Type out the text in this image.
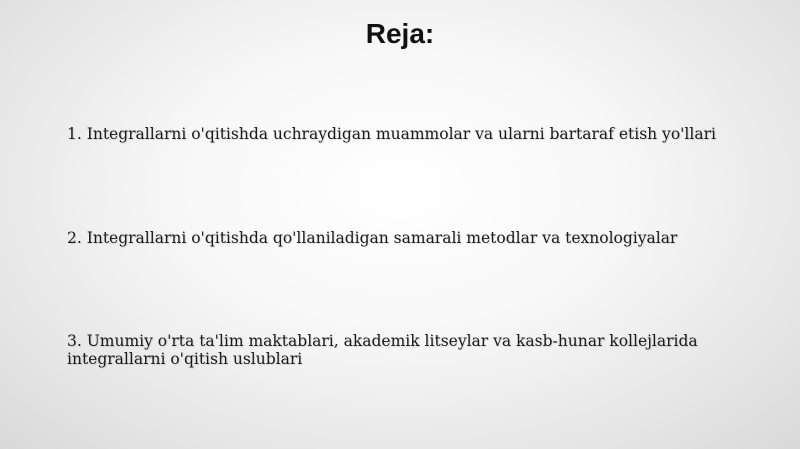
Reja:
1. Integrallarni o'qitishda uchraydigan muammolar va ularni bartaraf etish yo'llari
2. Integrallarni o'qitishda qo'llaniladigan samarali metodlar va texnologiyalar
3. Umumiy o'rta ta'lim maktablari, akademik litseylar va kasb-hunar kollejlarida integrallarni o'qitish uslublari
